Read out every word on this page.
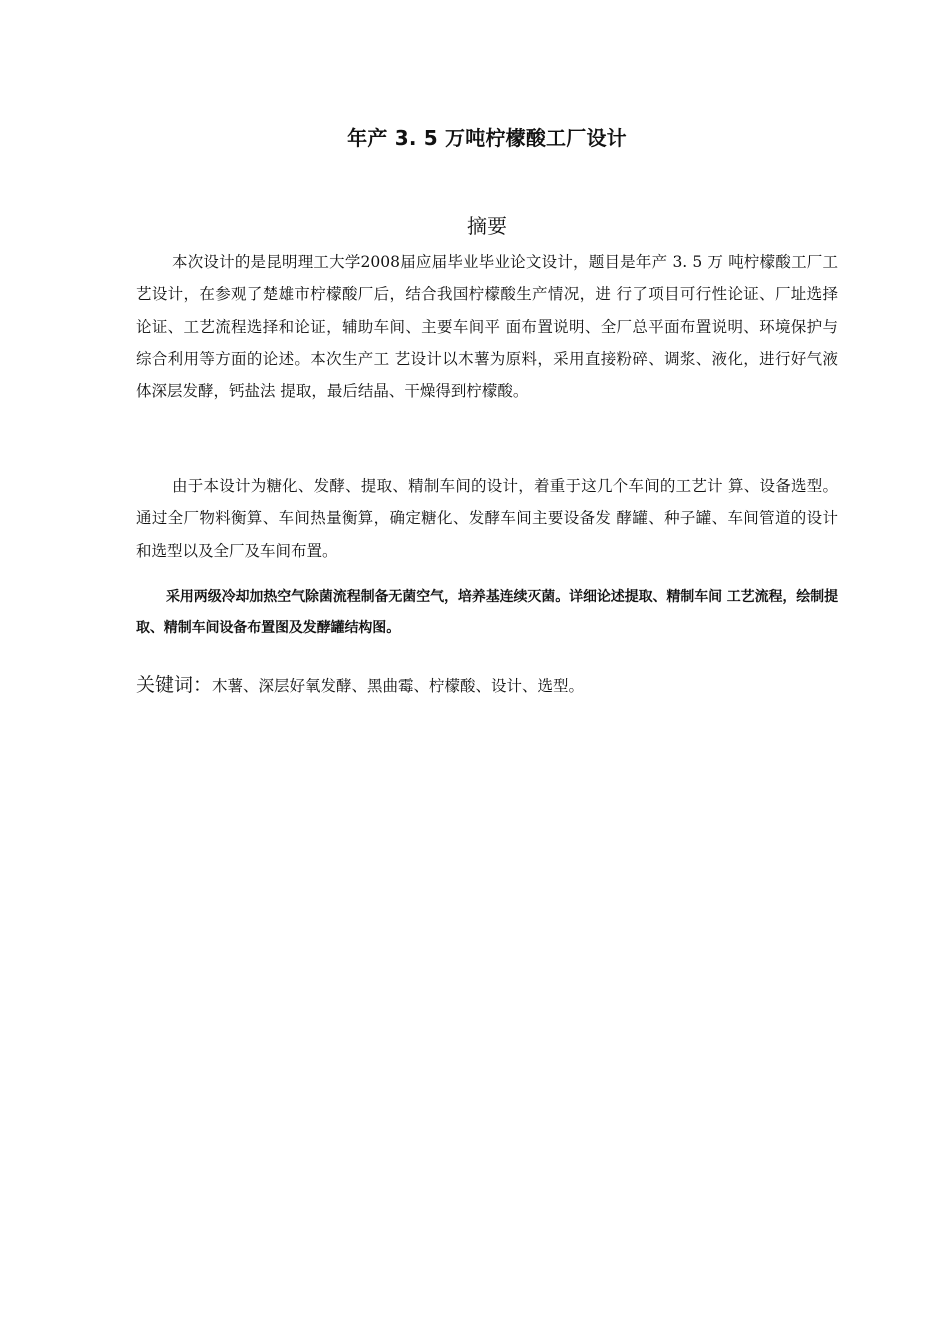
年产 3. 5 万吨柠檬酸工厂设计
摘要

本次设计的是昆明理工大学2008届应届毕业毕业论文设计，题目是年产 3. 5 万 吨柠檬酸工厂工艺设计，在参观了楚雄市柠檬酸厂后，结合我国柠檬酸生产情况，进 行了项目可行性论证、厂址选择论证、工艺流程选择和论证，辅助车间、主要车间平 面布置说明、全厂总平面布置说明、环境保护与综合利用等方面的论述。本次生产工 艺设计以木薯为原料，采用直接粉碎、调浆、液化，进行好气液体深层发酵，钙盐法 提取，最后结晶、干燥得到柠檬酸。

由于本设计为糖化、发酵、提取、精制车间的设计，着重于这几个车间的工艺计 算、设备选型。通过全厂物料衡算、车间热量衡算，确定糖化、发酵车间主要设备发 酵罐、种子罐、车间管道的设计和选型以及全厂及车间布置。

采用两级冷却加热空气除菌流程制备无菌空气，培养基连续灭菌。详细论述提取、精制车间 工艺流程，绘制提取、精制车间设备布置图及发酵罐结构图。

关键词：木薯、深层好氧发酵、黑曲霉、柠檬酸、设计、选型。
